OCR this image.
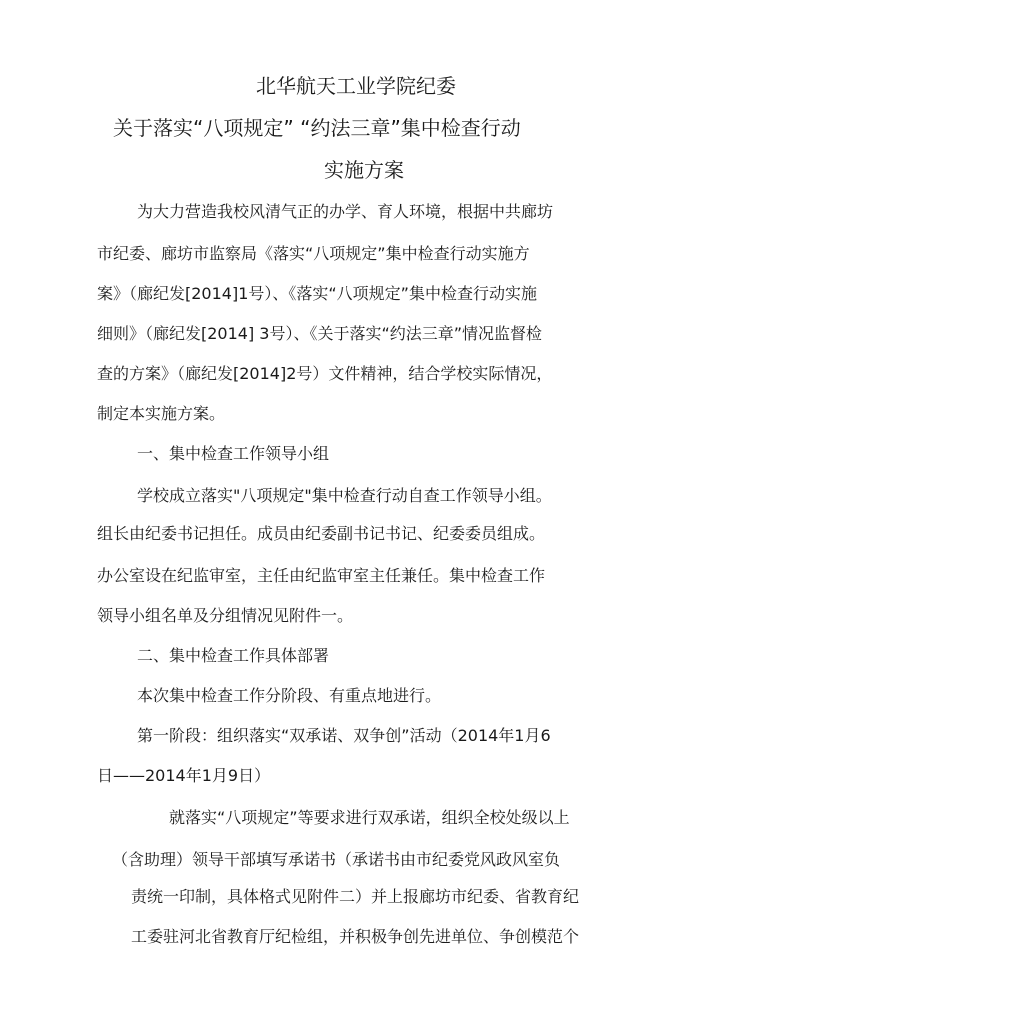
北华航天工业学院纪委
关于落实“八项规定” “约法三章”集中检查行动
实施方案
为大力营造我校风清气正的办学、育人环境，根据中共廊坊
市纪委、廊坊市监察局《落实“八项规定”集中检查行动实施方
案》（廊纪发[2014]1号）、《落实“八项规定”集中检查行动实施
细则》（廊纪发[2014] 3号）、《关于落实“约法三章”情况监督检
查的方案》（廊纪发[2014]2号）文件精神，结合学校实际情况，
制定本实施方案。
一、集中检查工作领导小组
学校成立落实"八项规定"集中检查行动自查工作领导小组。
组长由纪委书记担任。成员由纪委副书记书记、纪委委员组成。
办公室设在纪监审室，主任由纪监审室主任兼任。集中检查工作
领导小组名单及分组情况见附件一。
二、集中检查工作具体部署
本次集中检查工作分阶段、有重点地进行。
第一阶段：组织落实“双承诺、双争创”活动（2014年1月6
日——2014年1月9日）
就落实“八项规定”等要求进行双承诺，组织全校处级以上
（含助理）领导干部填写承诺书（承诺书由市纪委党风政风室负
责统一印制，具体格式见附件二）并上报廊坊市纪委、省教育纪
工委驻河北省教育厅纪检组，并积极争创先进单位、争创模范个
